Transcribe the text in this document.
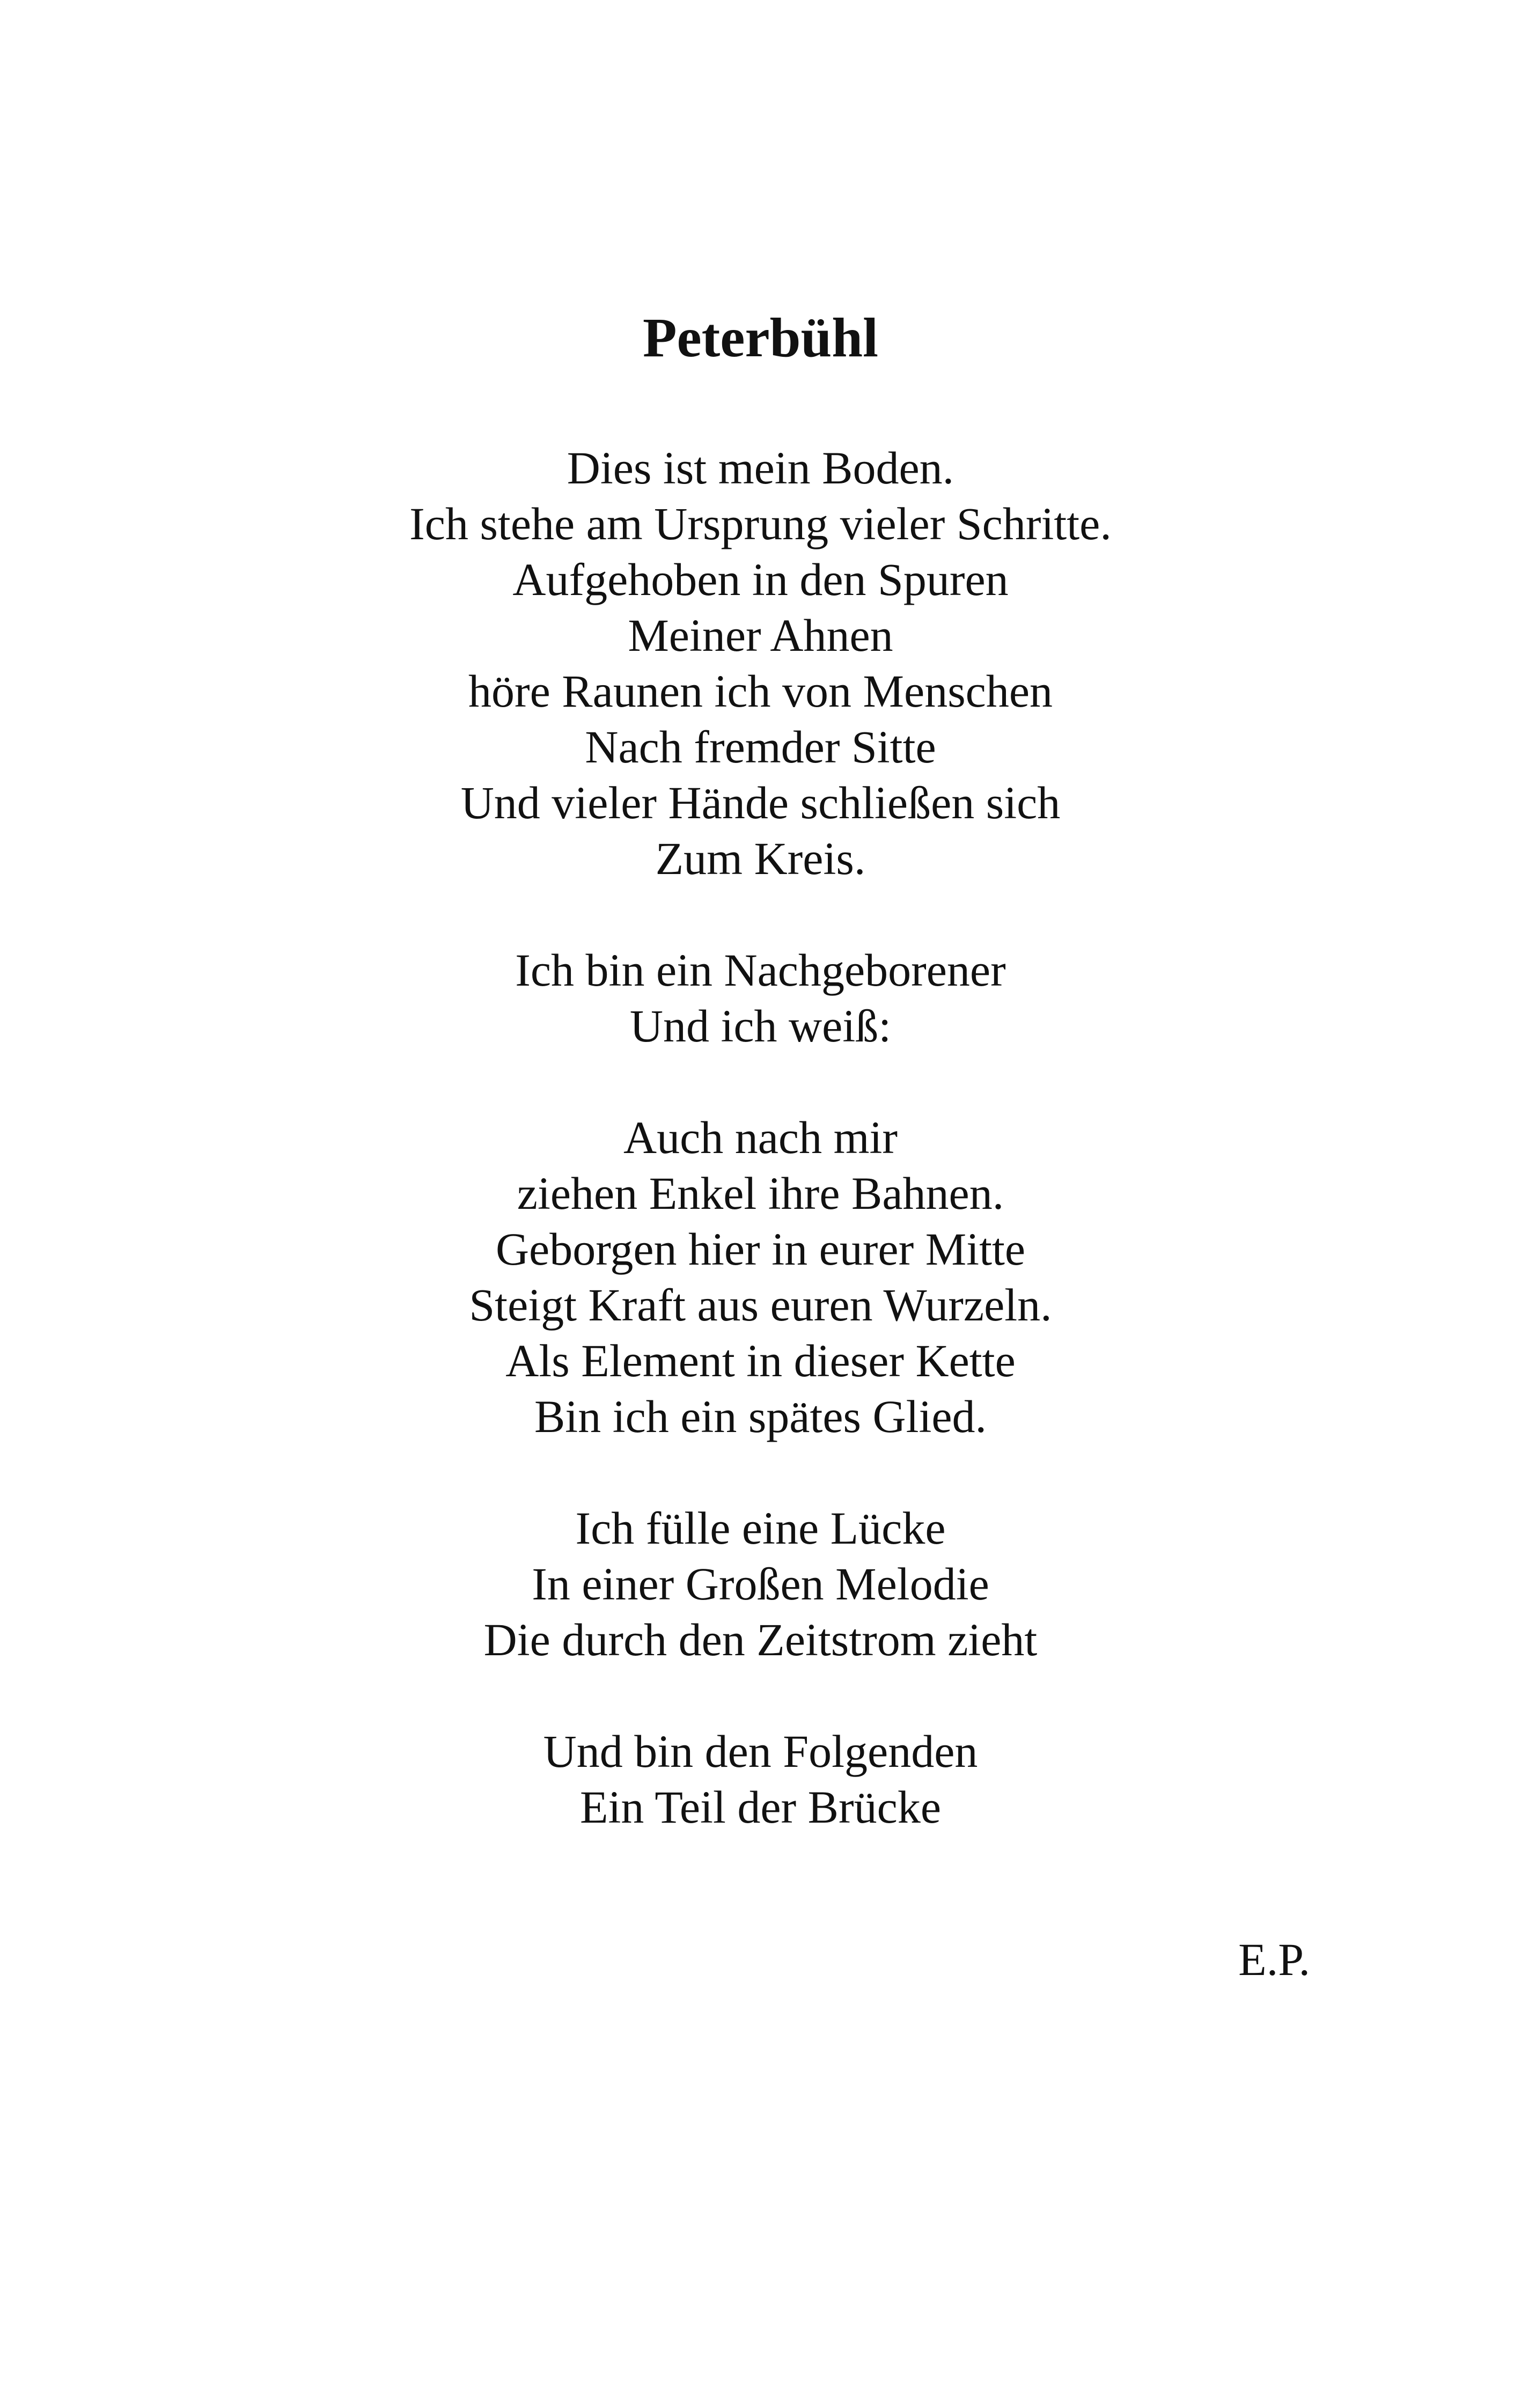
Peterbühl
Dies ist mein Boden.
Ich stehe am Ursprung vieler Schritte.
Aufgehoben in den Spuren
Meiner Ahnen
höre Raunen ich von Menschen
Nach fremder Sitte
Und vieler Hände schließen sich
Zum Kreis.
Ich bin ein Nachgeborener
Und ich weiß:
Auch nach mir
ziehen Enkel ihre Bahnen.
Geborgen hier in eurer Mitte
Steigt Kraft aus euren Wurzeln.
Als Element in dieser Kette
Bin ich ein spätes Glied.
Ich fülle eine Lücke
In einer Großen Melodie
Die durch den Zeitstrom zieht
Und bin den Folgenden
Ein Teil der Brücke

E.P.
